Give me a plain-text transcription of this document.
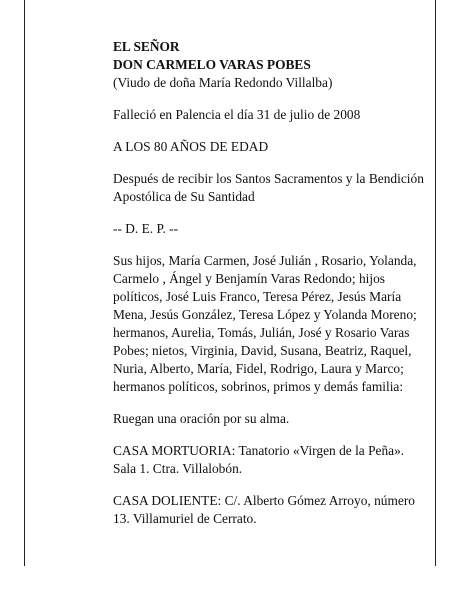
EL SEÑOR
DON CARMELO VARAS POBES
(Viudo de doña María Redondo Villalba)

Falleció en Palencia el día 31 de julio de 2008

A LOS 80 AÑOS DE EDAD

Después de recibir los Santos Sacramentos y la Bendición Apostólica de Su Santidad

-- D. E. P. --

Sus hijos, María Carmen, José Julián , Rosario, Yolanda, Carmelo , Ángel y Benjamín Varas Redondo; hijos políticos, José Luis Franco, Teresa Pérez, Jesús María Mena, Jesús González, Teresa López y Yolanda Moreno; hermanos, Aurelia, Tomás, Julián, José y Rosario Varas Pobes; nietos, Virginia, David, Susana, Beatriz, Raquel, Nuria, Alberto, María, Fidel, Rodrigo, Laura y Marco; hermanos políticos, sobrinos, primos y demás familia:

Ruegan una oración por su alma.

CASA MORTUORIA: Tanatorio «Virgen de la Peña». Sala 1. Ctra. Villalobón.

CASA DOLIENTE: C/. Alberto Gómez Arroyo, número 13. Villamuriel de Cerrato.
